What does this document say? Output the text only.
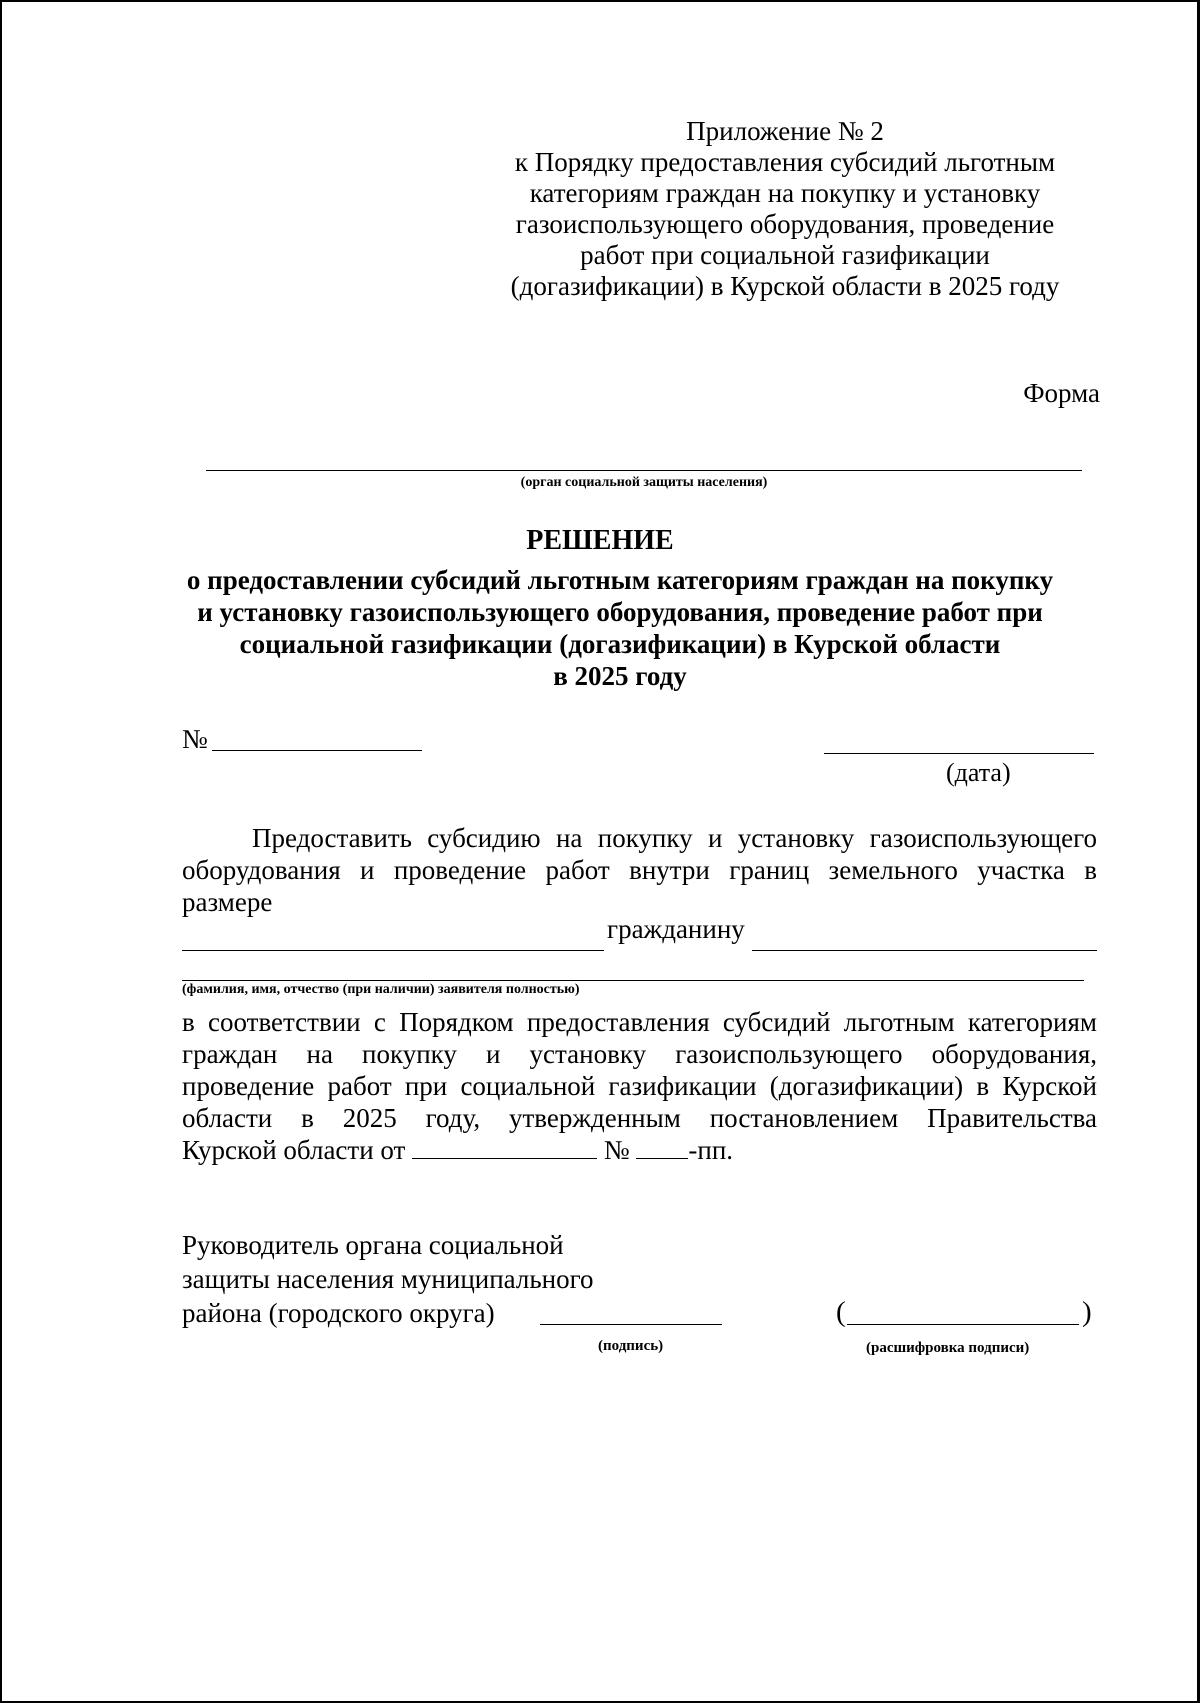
Приложение № 2
к Порядку предоставления субсидий льготным
категориям граждан на покупку и установку
газоиспользующего оборудования, проведение
работ при социальной газификации
(догазификации) в Курской области в 2025 году
Форма
(орган социальной защиты населения)
РЕШЕНИЕ
о предоставлении субсидий льготным категориям граждан на покупку
и установку газоиспользующего оборудования, проведение работ при
социальной газификации (догазификации) в Курской области
в 2025 году
№
(дата)
Предоставить субсидию на покупку и установку газоиспользующего
оборудования и проведение работ внутри границ земельного участка в
размере
гражданину
(фамилия, имя, отчество (при наличии) заявителя полностью)
в соответствии с Порядком предоставления субсидий льготным категориям
граждан на покупку и установку газоиспользующего оборудования,
проведение работ при социальной газификации (догазификации) в Курской
области в 2025 году, утвержденным постановлением Правительства
Курской области от	№ -пп.
Руководитель органа социальной
защиты населения муниципального
района (городского округа)
(подпись)
(	)
(расшифровка подписи)
